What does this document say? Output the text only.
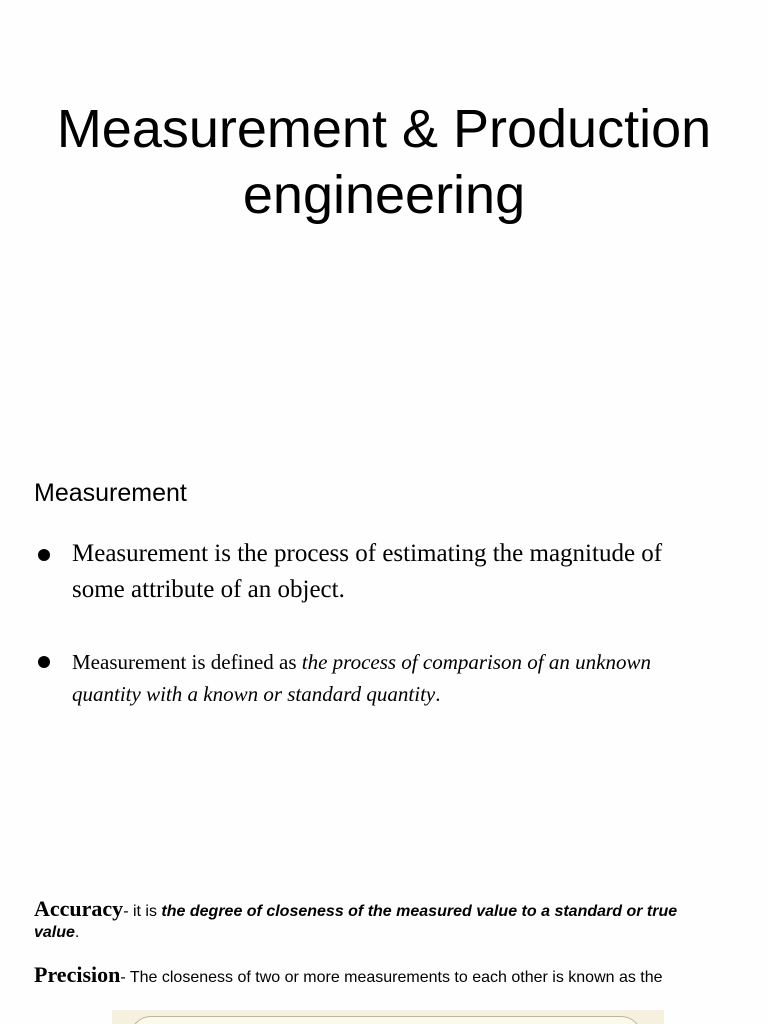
Measurement & Production
engineering
Measurement
Measurement is the process of estimating the magnitude of some attribute of an object.
Measurement is defined as the process of comparison of an unknown quantity with a known or standard quantity.
Accuracy- it is the degree of closeness of the measured value to a standard or true value.
Precision- The closeness of two or more measurements to each other is known as the
